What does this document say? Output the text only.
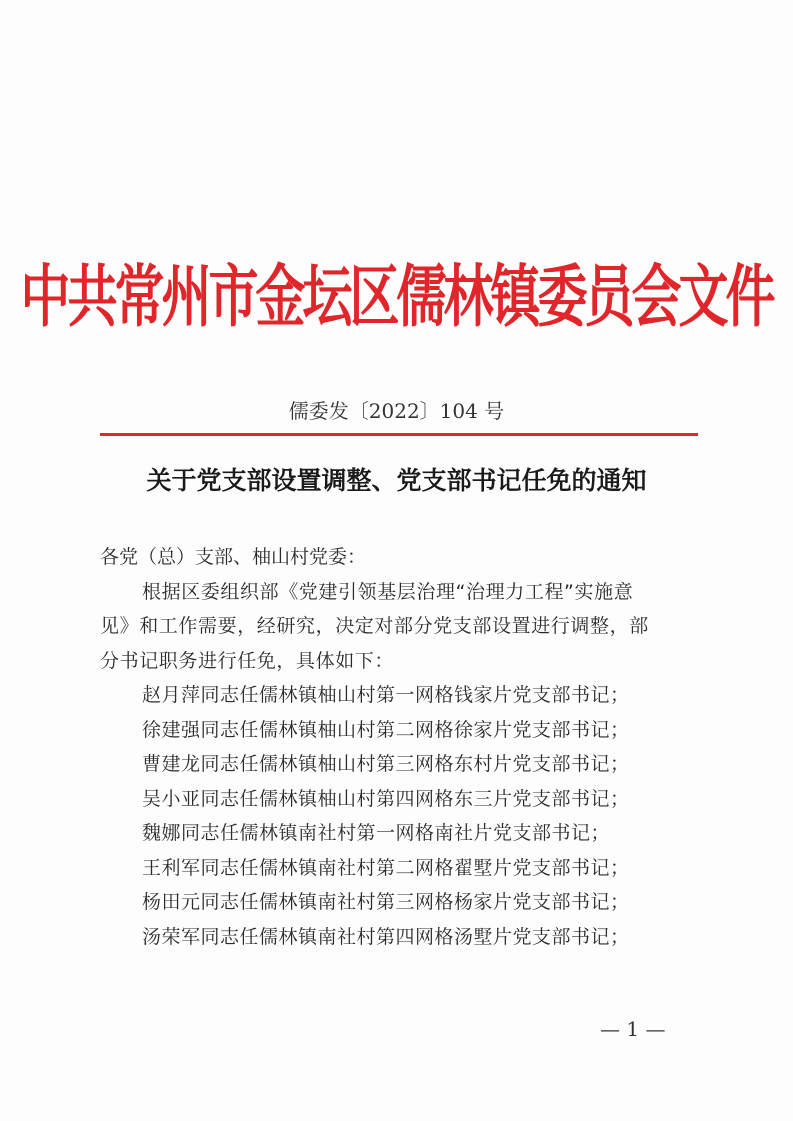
中共常州市金坛区儒林镇委员会文件
儒委发〔2022〕104 号
关于党支部设置调整、党支部书记任免的通知
各党（总）支部、柚山村党委：
根据区委组织部《党建引领基层治理“治理力工程”实施意
见》和工作需要，经研究，决定对部分党支部设置进行调整，部
分书记职务进行任免，具体如下：
赵月萍同志任儒林镇柚山村第一网格钱家片党支部书记；
徐建强同志任儒林镇柚山村第二网格徐家片党支部书记；
曹建龙同志任儒林镇柚山村第三网格东村片党支部书记；
吴小亚同志任儒林镇柚山村第四网格东三片党支部书记；
魏娜同志任儒林镇南社村第一网格南社片党支部书记；
王利军同志任儒林镇南社村第二网格翟墅片党支部书记；
杨田元同志任儒林镇南社村第三网格杨家片党支部书记；
汤荣军同志任儒林镇南社村第四网格汤墅片党支部书记；
— 1 —
